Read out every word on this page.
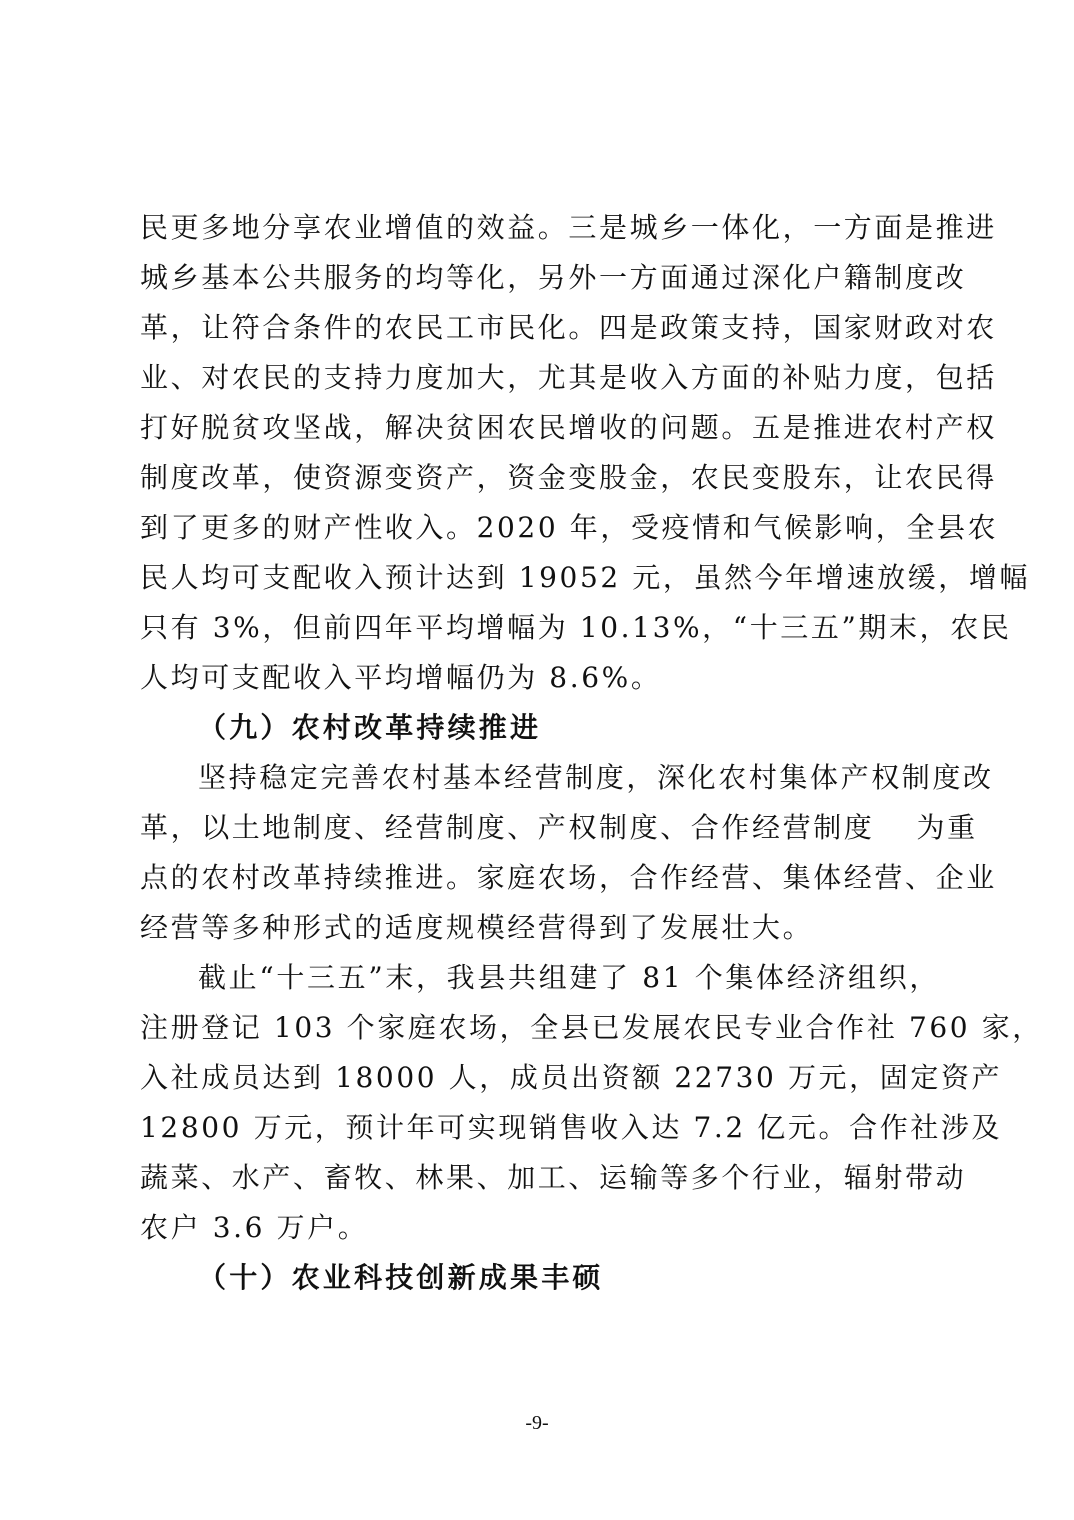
民更多地分享农业增值的效益。三是城乡一体化，一方面是推进
城乡基本公共服务的均等化，另外一方面通过深化户籍制度改
革，让符合条件的农民工市民化。四是政策支持，国家财政对农
业、对农民的支持力度加大，尤其是收入方面的补贴力度，包括
打好脱贫攻坚战，解决贫困农民增收的问题。五是推进农村产权
制度改革，使资源变资产，资金变股金，农民变股东，让农民得
到了更多的财产性收入。2020 年，受疫情和气候影响，全县农
民人均可支配收入预计达到 19052 元，虽然今年增速放缓，增幅
只有 3%，但前四年平均增幅为 10.13%，“十三五”期末，农民
人均可支配收入平均增幅仍为 8.6%。
（九）农村改革持续推进
坚持稳定完善农村基本经营制度，深化农村集体产权制度改
革，以土地制度、经营制度、产权制度、合作经营制度　 为重
点的农村改革持续推进。家庭农场，合作经营、集体经营、企业
经营等多种形式的适度规模经营得到了发展壮大。
截止“十三五”末，我县共组建了 81 个集体经济组织，
注册登记 103 个家庭农场，全县已发展农民专业合作社 760 家，
入社成员达到 18000 人，成员出资额 22730 万元，固定资产
12800 万元，预计年可实现销售收入达 7.2 亿元。合作社涉及
蔬菜、水产、畜牧、林果、加工、运输等多个行业，辐射带动
农户 3.6 万户。
（十）农业科技创新成果丰硕
-9-
